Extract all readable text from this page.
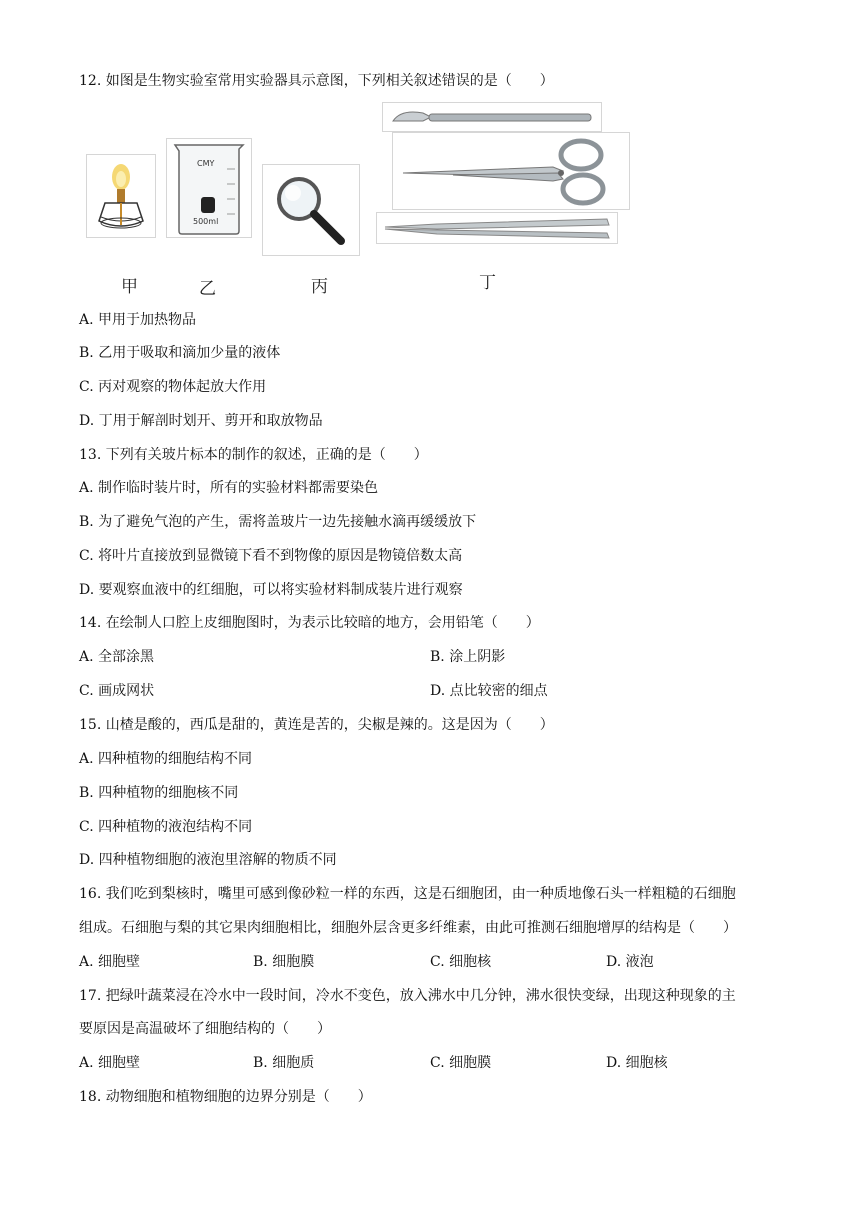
12. 如图是生物实验室常用实验器具示意图，下列相关叙述错误的是（　　）
CMY
500ml
甲	乙	丙	丁
A. 甲用于加热物品
B. 乙用于吸取和滴加少量的液体
C. 丙对观察的物体起放大作用
D. 丁用于解剖时划开、剪开和取放物品
13. 下列有关玻片标本的制作的叙述，正确的是（　　）
A. 制作临时装片时，所有的实验材料都需要染色
B. 为了避免气泡的产生，需将盖玻片一边先接触水滴再缓缓放下
C. 将叶片直接放到显微镜下看不到物像的原因是物镜倍数太高
D. 要观察血液中的红细胞，可以将实验材料制成装片进行观察
14. 在绘制人口腔上皮细胞图时，为表示比较暗的地方，会用铅笔（　　）
A. 全部涂黑	B. 涂上阴影
C. 画成网状	D. 点比较密的细点
15. 山楂是酸的，西瓜是甜的，黄连是苦的，尖椒是辣的。这是因为（　　）
A. 四种植物的细胞结构不同
B. 四种植物的细胞核不同
C. 四种植物的液泡结构不同
D. 四种植物细胞的液泡里溶解的物质不同
16. 我们吃到梨核时，嘴里可感到像砂粒一样的东西，这是石细胞团，由一种质地像石头一样粗糙的石细胞
组成。石细胞与梨的其它果肉细胞相比，细胞外层含更多纤维素，由此可推测石细胞增厚的结构是（　　）
A. 细胞壁	B. 细胞膜	C. 细胞核	D. 液泡
17. 把绿叶蔬菜浸在冷水中一段时间，冷水不变色，放入沸水中几分钟，沸水很快变绿，出现这种现象的主
要原因是高温破坏了细胞结构的（　　）
A. 细胞壁	B. 细胞质	C. 细胞膜	D. 细胞核
18. 动物细胞和植物细胞的边界分别是（　　）
